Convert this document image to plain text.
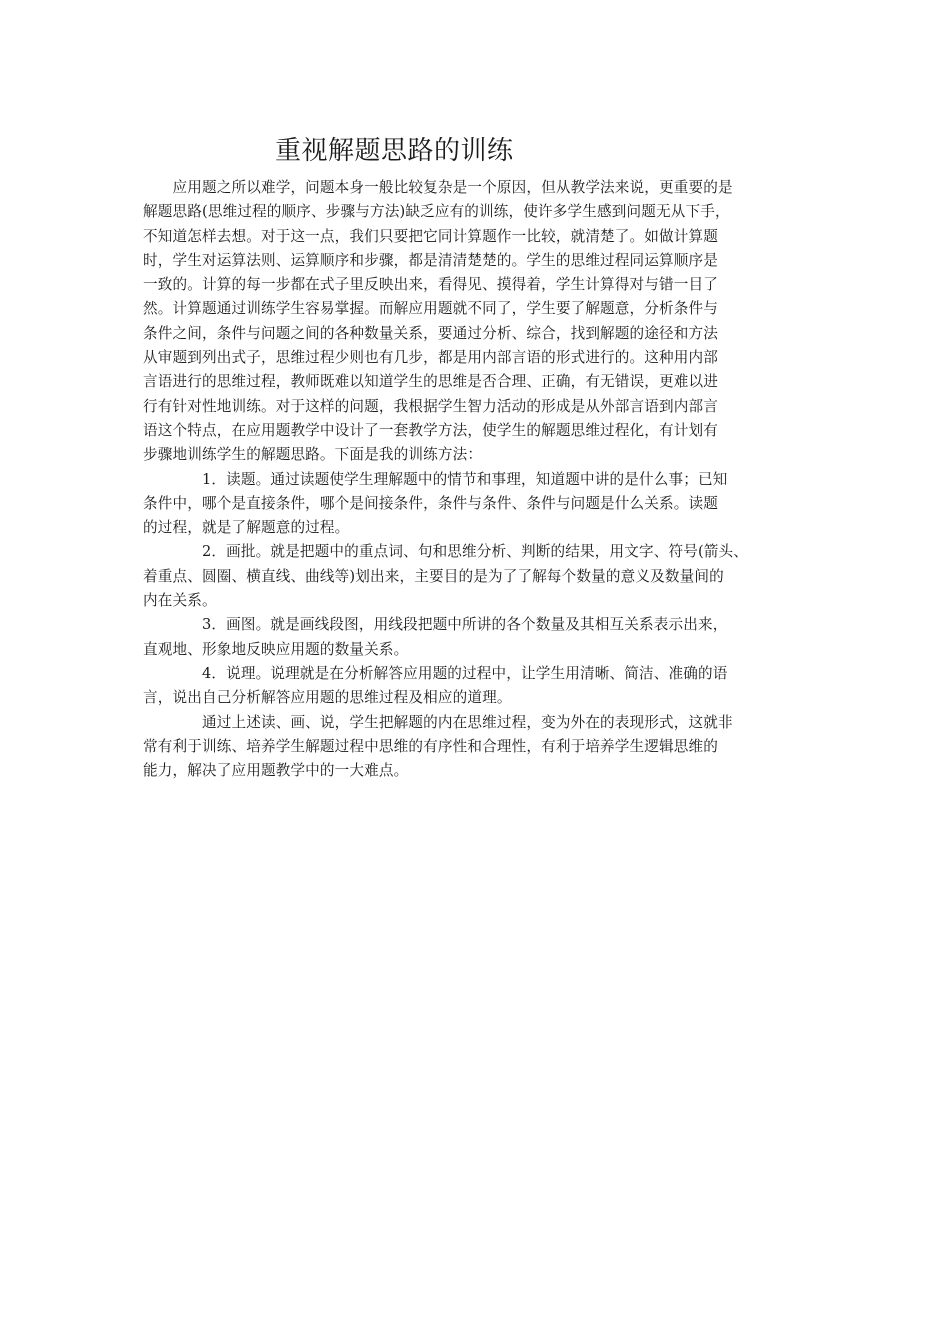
重视解题思路的训练
　　应用题之所以难学，问题本身一般比较复杂是一个原因，但从教学法来说，更重要的是
解题思路(思维过程的顺序、步骤与方法)缺乏应有的训练，使许多学生感到问题无从下手，
不知道怎样去想。对于这一点，我们只要把它同计算题作一比较，就清楚了。如做计算题
时，学生对运算法则、运算顺序和步骤，都是清清楚楚的。学生的思维过程同运算顺序是
一致的。计算的每一步都在式子里反映出来，看得见、摸得着，学生计算得对与错一目了
然。计算题通过训练学生容易掌握。而解应用题就不同了，学生要了解题意，分析条件与
条件之间，条件与问题之间的各种数量关系，要通过分析、综合，找到解题的途径和方法
从审题到列出式子，思维过程少则也有几步，都是用内部言语的形式进行的。这种用内部
言语进行的思维过程，教师既难以知道学生的思维是否合理、正确，有无错误，更难以进
行有针对性地训练。对于这样的问题，我根据学生智力活动的形成是从外部言语到内部言
语这个特点，在应用题教学中设计了一套教学方法，使学生的解题思维过程化，有计划有
步骤地训练学生的解题思路。下面是我的训练方法：
　　　　1．读题。通过读题使学生理解题中的情节和事理，知道题中讲的是什么事；已知
条件中，哪个是直接条件，哪个是间接条件，条件与条件、条件与问题是什么关系。读题
的过程，就是了解题意的过程。
　　　　2．画批。就是把题中的重点词、句和思维分析、判断的结果，用文字、符号(箭头、
着重点、圆圈、横直线、曲线等)划出来，主要目的是为了了解每个数量的意义及数量间的
内在关系。
　　　　3．画图。就是画线段图，用线段把题中所讲的各个数量及其相互关系表示出来，
直观地、形象地反映应用题的数量关系。
　　　　4．说理。说理就是在分析解答应用题的过程中，让学生用清晰、简洁、准确的语
言，说出自己分析解答应用题的思维过程及相应的道理。
　　　　通过上述读、画、说，学生把解题的内在思维过程，变为外在的表现形式，这就非
常有利于训练、培养学生解题过程中思维的有序性和合理性，有利于培养学生逻辑思维的
能力，解决了应用题教学中的一大难点。
